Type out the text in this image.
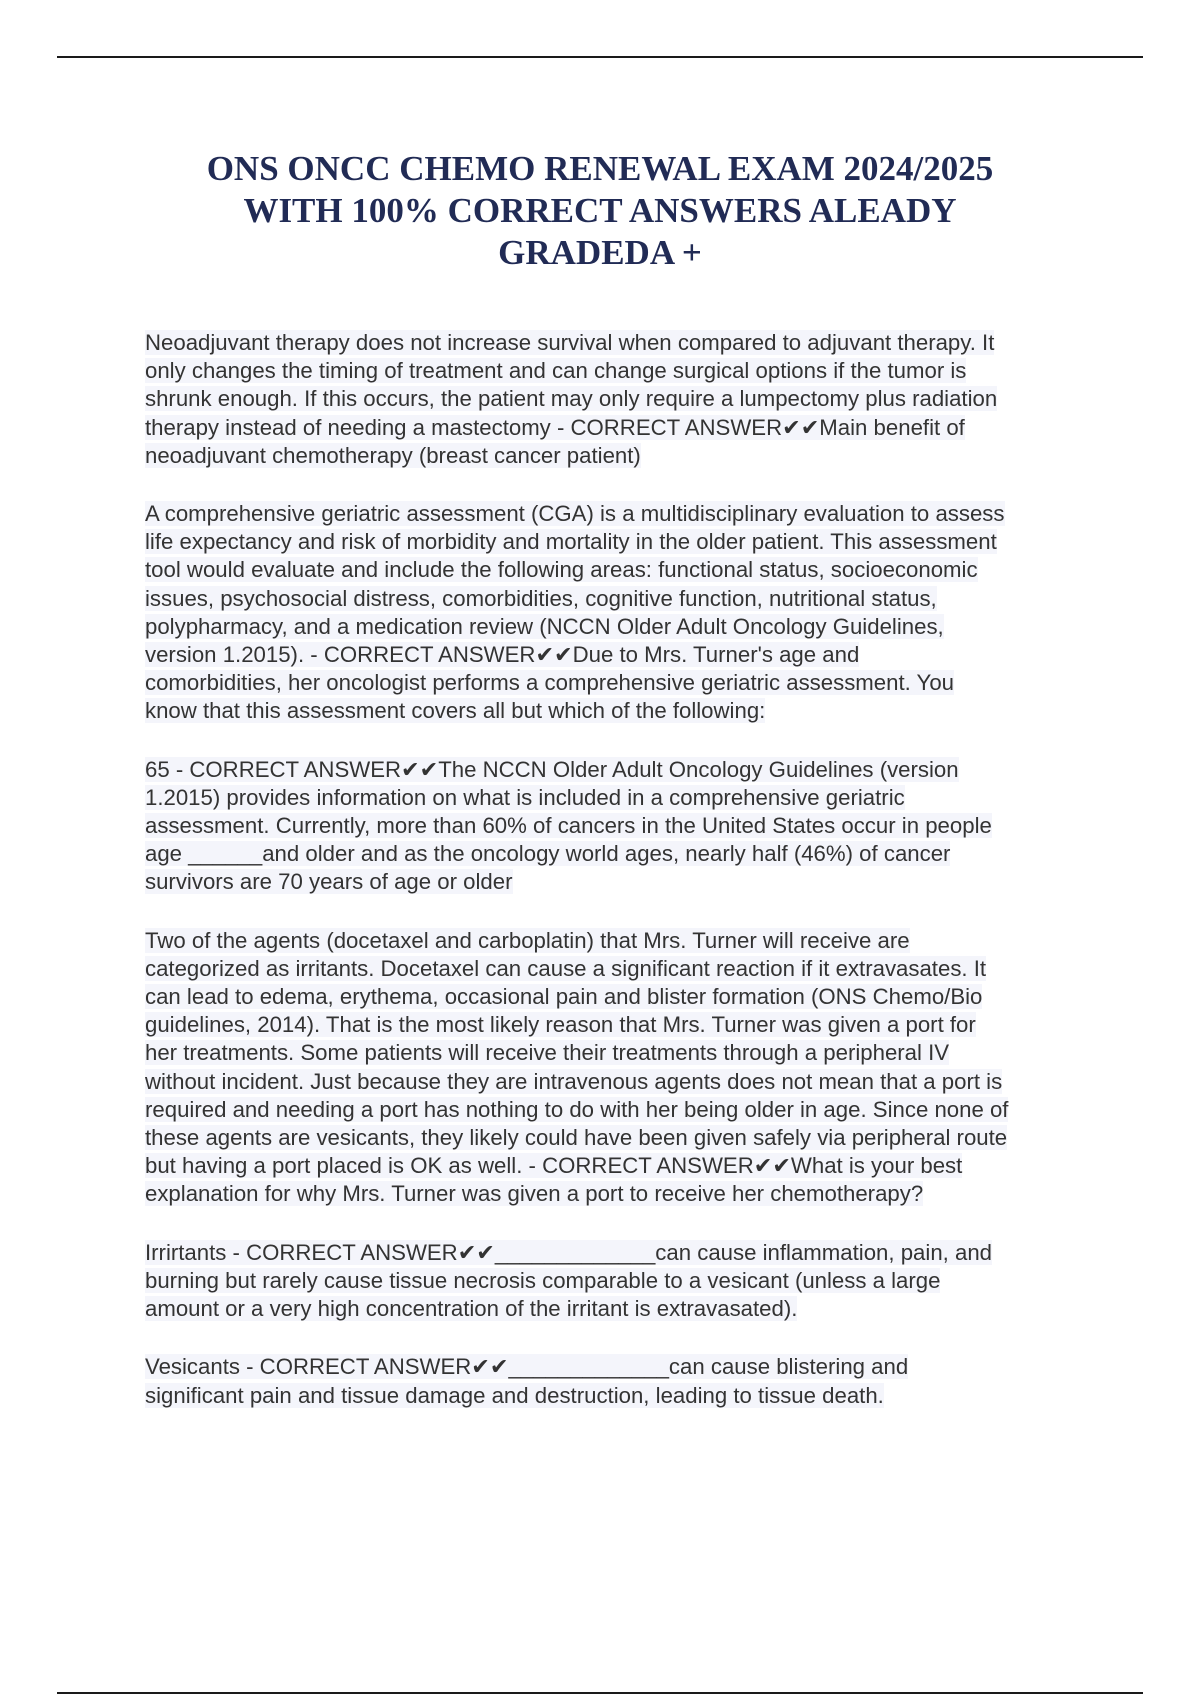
ONS ONCC CHEMO RENEWAL EXAM 2024/2025
WITH 100% CORRECT ANSWERS ALEADY
GRADEDA +

Neoadjuvant therapy does not increase survival when compared to adjuvant therapy. It
only changes the timing of treatment and can change surgical options if the tumor is
shrunk enough. If this occurs, the patient may only require a lumpectomy plus radiation
therapy instead of needing a mastectomy - CORRECT ANSWER✔✔Main benefit of
neoadjuvant chemotherapy (breast cancer patient)

A comprehensive geriatric assessment (CGA) is a multidisciplinary evaluation to assess
life expectancy and risk of morbidity and mortality in the older patient. This assessment
tool would evaluate and include the following areas: functional status, socioeconomic
issues, psychosocial distress, comorbidities, cognitive function, nutritional status,
polypharmacy, and a medication review (NCCN Older Adult Oncology Guidelines,
version 1.2015). - CORRECT ANSWER✔✔Due to Mrs. Turner's age and
comorbidities, her oncologist performs a comprehensive geriatric assessment. You
know that this assessment covers all but which of the following:

65 - CORRECT ANSWER✔✔The NCCN Older Adult Oncology Guidelines (version
1.2015) provides information on what is included in a comprehensive geriatric
assessment. Currently, more than 60% of cancers in the United States occur in people
age ______and older and as the oncology world ages, nearly half (46%) of cancer
survivors are 70 years of age or older

Two of the agents (docetaxel and carboplatin) that Mrs. Turner will receive are
categorized as irritants. Docetaxel can cause a significant reaction if it extravasates. It
can lead to edema, erythema, occasional pain and blister formation (ONS Chemo/Bio
guidelines, 2014). That is the most likely reason that Mrs. Turner was given a port for
her treatments. Some patients will receive their treatments through a peripheral IV
without incident. Just because they are intravenous agents does not mean that a port is
required and needing a port has nothing to do with her being older in age. Since none of
these agents are vesicants, they likely could have been given safely via peripheral route
but having a port placed is OK as well. - CORRECT ANSWER✔✔What is your best
explanation for why Mrs. Turner was given a port to receive her chemotherapy?

Irrirtants - CORRECT ANSWER✔✔_____________can cause inflammation, pain, and
burning but rarely cause tissue necrosis comparable to a vesicant (unless a large
amount or a very high concentration of the irritant is extravasated).

Vesicants - CORRECT ANSWER✔✔_____________can cause blistering and
significant pain and tissue damage and destruction, leading to tissue death.
